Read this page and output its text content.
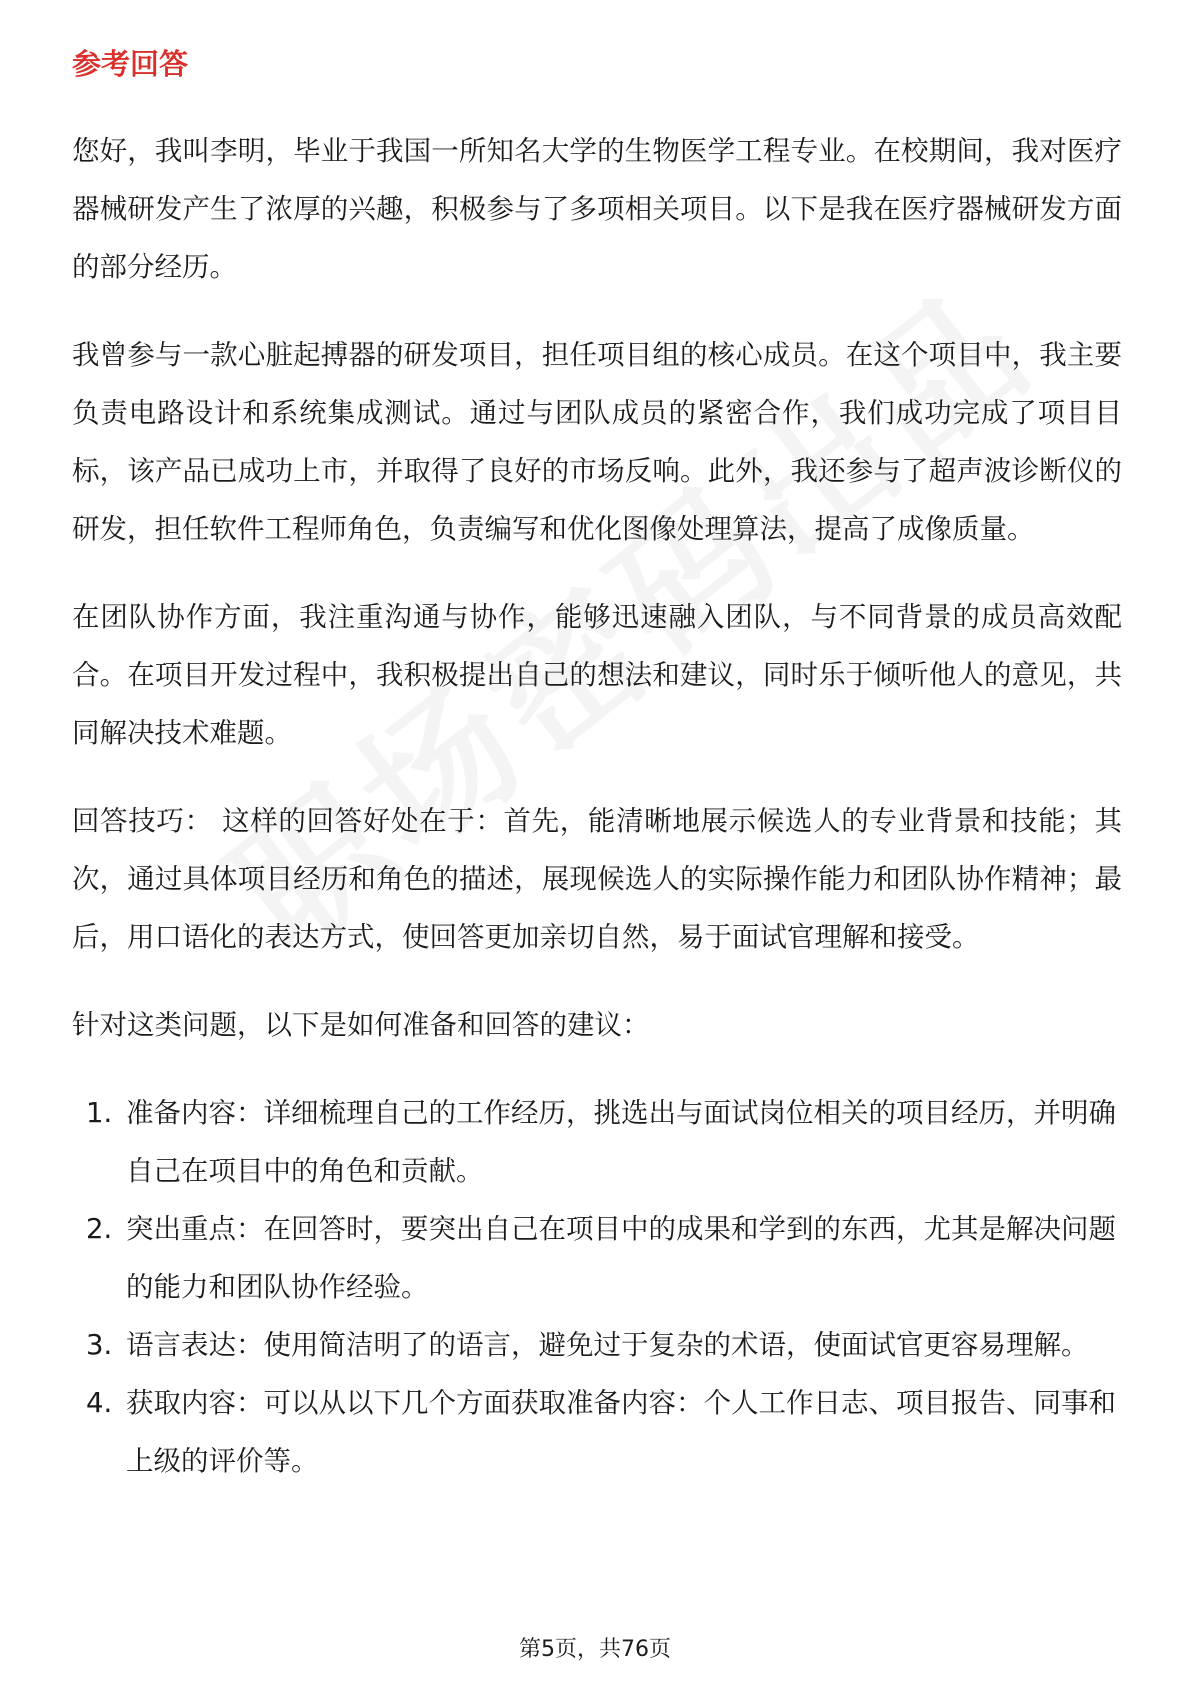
参考回答

您好，我叫李明，毕业于我国一所知名大学的生物医学工程专业。在校期间，我对医疗器械研发产生了浓厚的兴趣，积极参与了多项相关项目。以下是我在医疗器械研发方面的部分经历。

我曾参与一款心脏起搏器的研发项目，担任项目组的核心成员。在这个项目中，我主要负责电路设计和系统集成测试。通过与团队成员的紧密合作，我们成功完成了项目目标，该产品已成功上市，并取得了良好的市场反响。此外，我还参与了超声波诊断仪的研发，担任软件工程师角色，负责编写和优化图像处理算法，提高了成像质量。

在团队协作方面，我注重沟通与协作，能够迅速融入团队，与不同背景的成员高效配合。在项目开发过程中，我积极提出自己的想法和建议，同时乐于倾听他人的意见，共同解决技术难题。

回答技巧： 这样的回答好处在于：首先，能清晰地展示候选人的专业背景和技能；其次，通过具体项目经历和角色的描述，展现候选人的实际操作能力和团队协作精神；最后，用口语化的表达方式，使回答更加亲切自然，易于面试官理解和接受。

针对这类问题，以下是如何准备和回答的建议：

1. 准备内容：详细梳理自己的工作经历，挑选出与面试岗位相关的项目经历，并明确自己在项目中的角色和贡献。
2. 突出重点：在回答时，要突出自己在项目中的成果和学到的东西，尤其是解决问题的能力和团队协作经验。
3. 语言表达：使用简洁明了的语言，避免过于复杂的术语，使面试官更容易理解。
4. 获取内容：可以从以下几个方面获取准备内容：个人工作日志、项目报告、同事和上级的评价等。
第5页，共76页
